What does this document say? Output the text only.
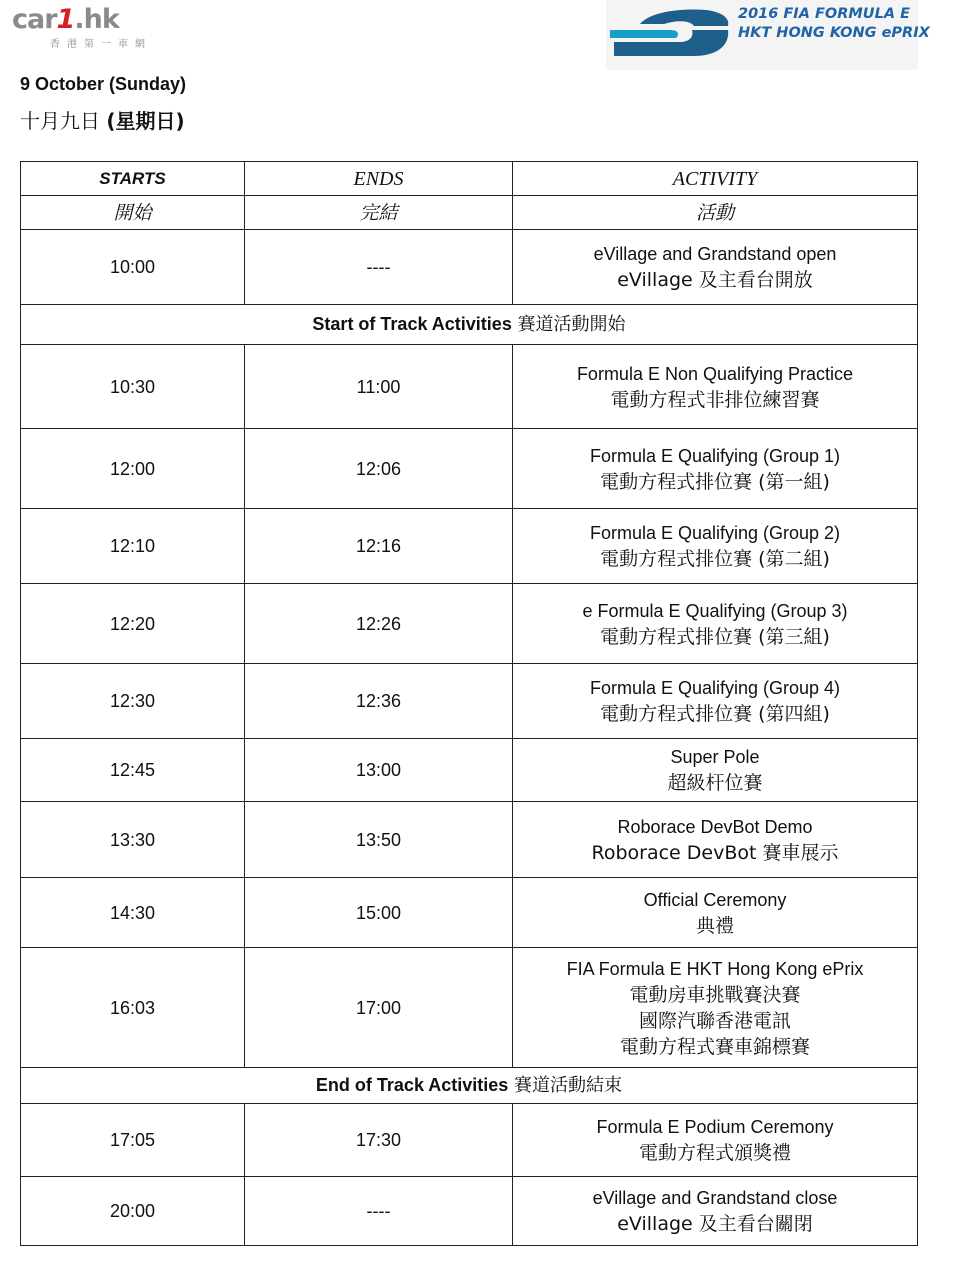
car1.hk
香港第一車網
2016 FIA FORMULA E
HKT HONG KONG ePRIX
9 October (Sunday)
十月九日 (星期日)
STARTS	ENDS	ACTIVITY
開始	完結	活動
10:00	----	eVillage and Grandstand open
eVillage 及主看台開放

Start of Track Activities 賽道活動開始		
10:30	11:00	Formula E Non Qualifying Practice
電動方程式非排位練習賽

12:00	12:06	Formula E Qualifying (Group 1)
電動方程式排位賽 (第一組)

12:10	12:16	Formula E Qualifying (Group 2)
電動方程式排位賽 (第二組)

12:20	12:26	e Formula E Qualifying (Group 3)
電動方程式排位賽 (第三組)

12:30	12:36	Formula E Qualifying (Group 4)
電動方程式排位賽 (第四組)

12:45	13:00	Super Pole
超級杆位賽

13:30	13:50	Roborace DevBot Demo
Roborace DevBot 賽車展示

14:30	15:00	Official Ceremony
典禮

16:03	17:00	FIA Formula E HKT Hong Kong ePrix
電動房車挑戰賽決賽
國際汽聯香港電訊
電動方程式賽車錦標賽

End of Track Activities 賽道活動結束		
17:05	17:30	Formula E Podium Ceremony
電動方程式頒獎禮

20:00	----	eVillage and Grandstand close
eVillage 及主看台關閉
